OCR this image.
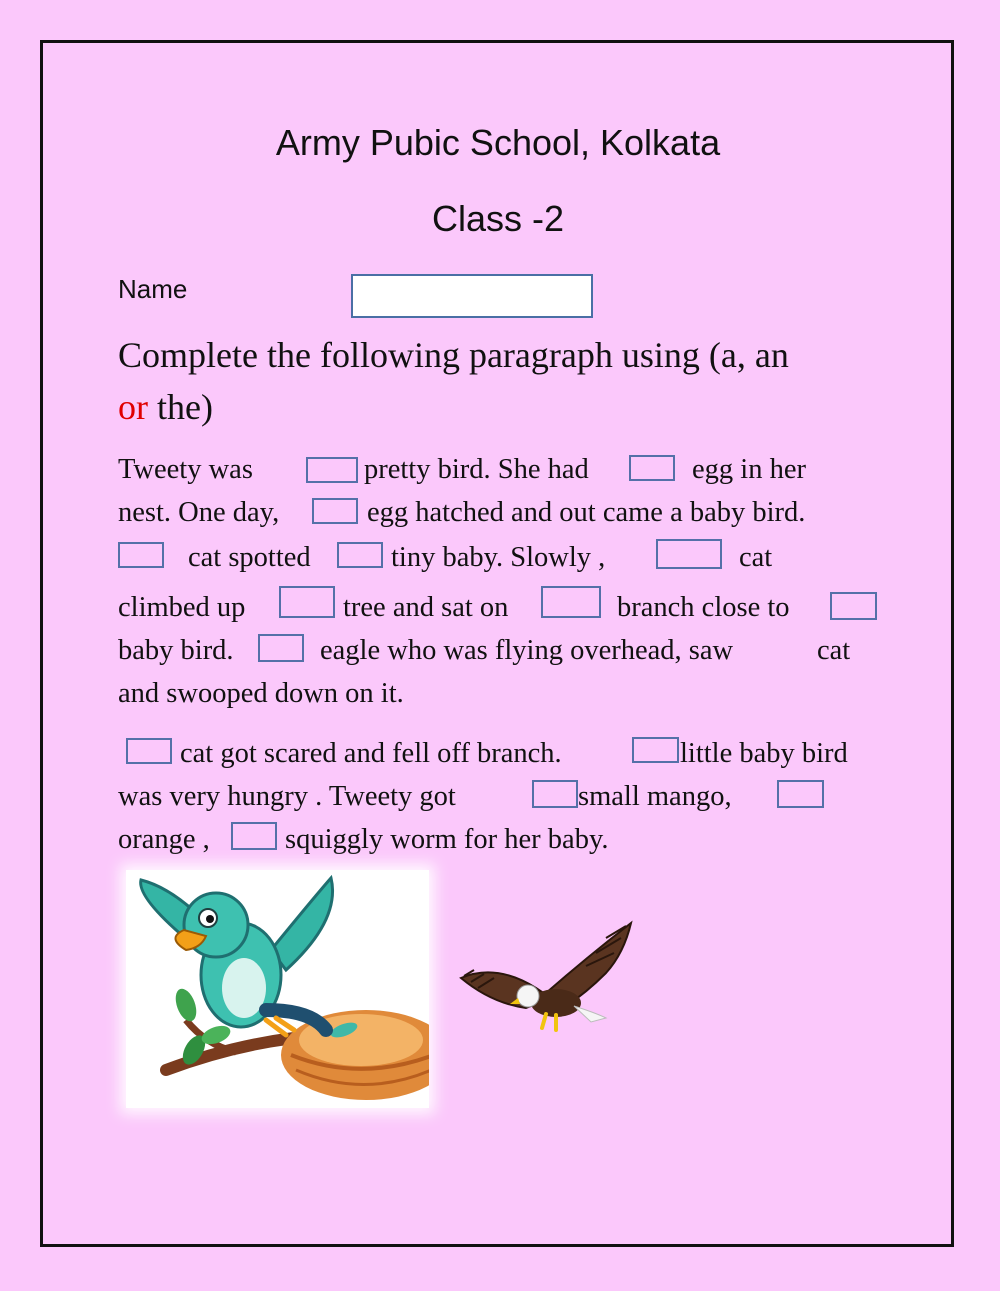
Army Pubic School, Kolkata
Class -2
Name
Complete the following paragraph using (a, an
or the)
Tweety was	pretty bird. She had	egg in her
nest. One day,	egg hatched and out came a baby bird.
cat spotted	tiny baby. Slowly ,	cat
climbed up	tree and sat on	branch close to
baby bird.	eagle who was flying overhead, saw	cat
and swooped down on it.
cat got scared and fell off branch.	little baby bird
was very hungry . Tweety got	small mango,
orange ,	squiggly worm for her baby.
